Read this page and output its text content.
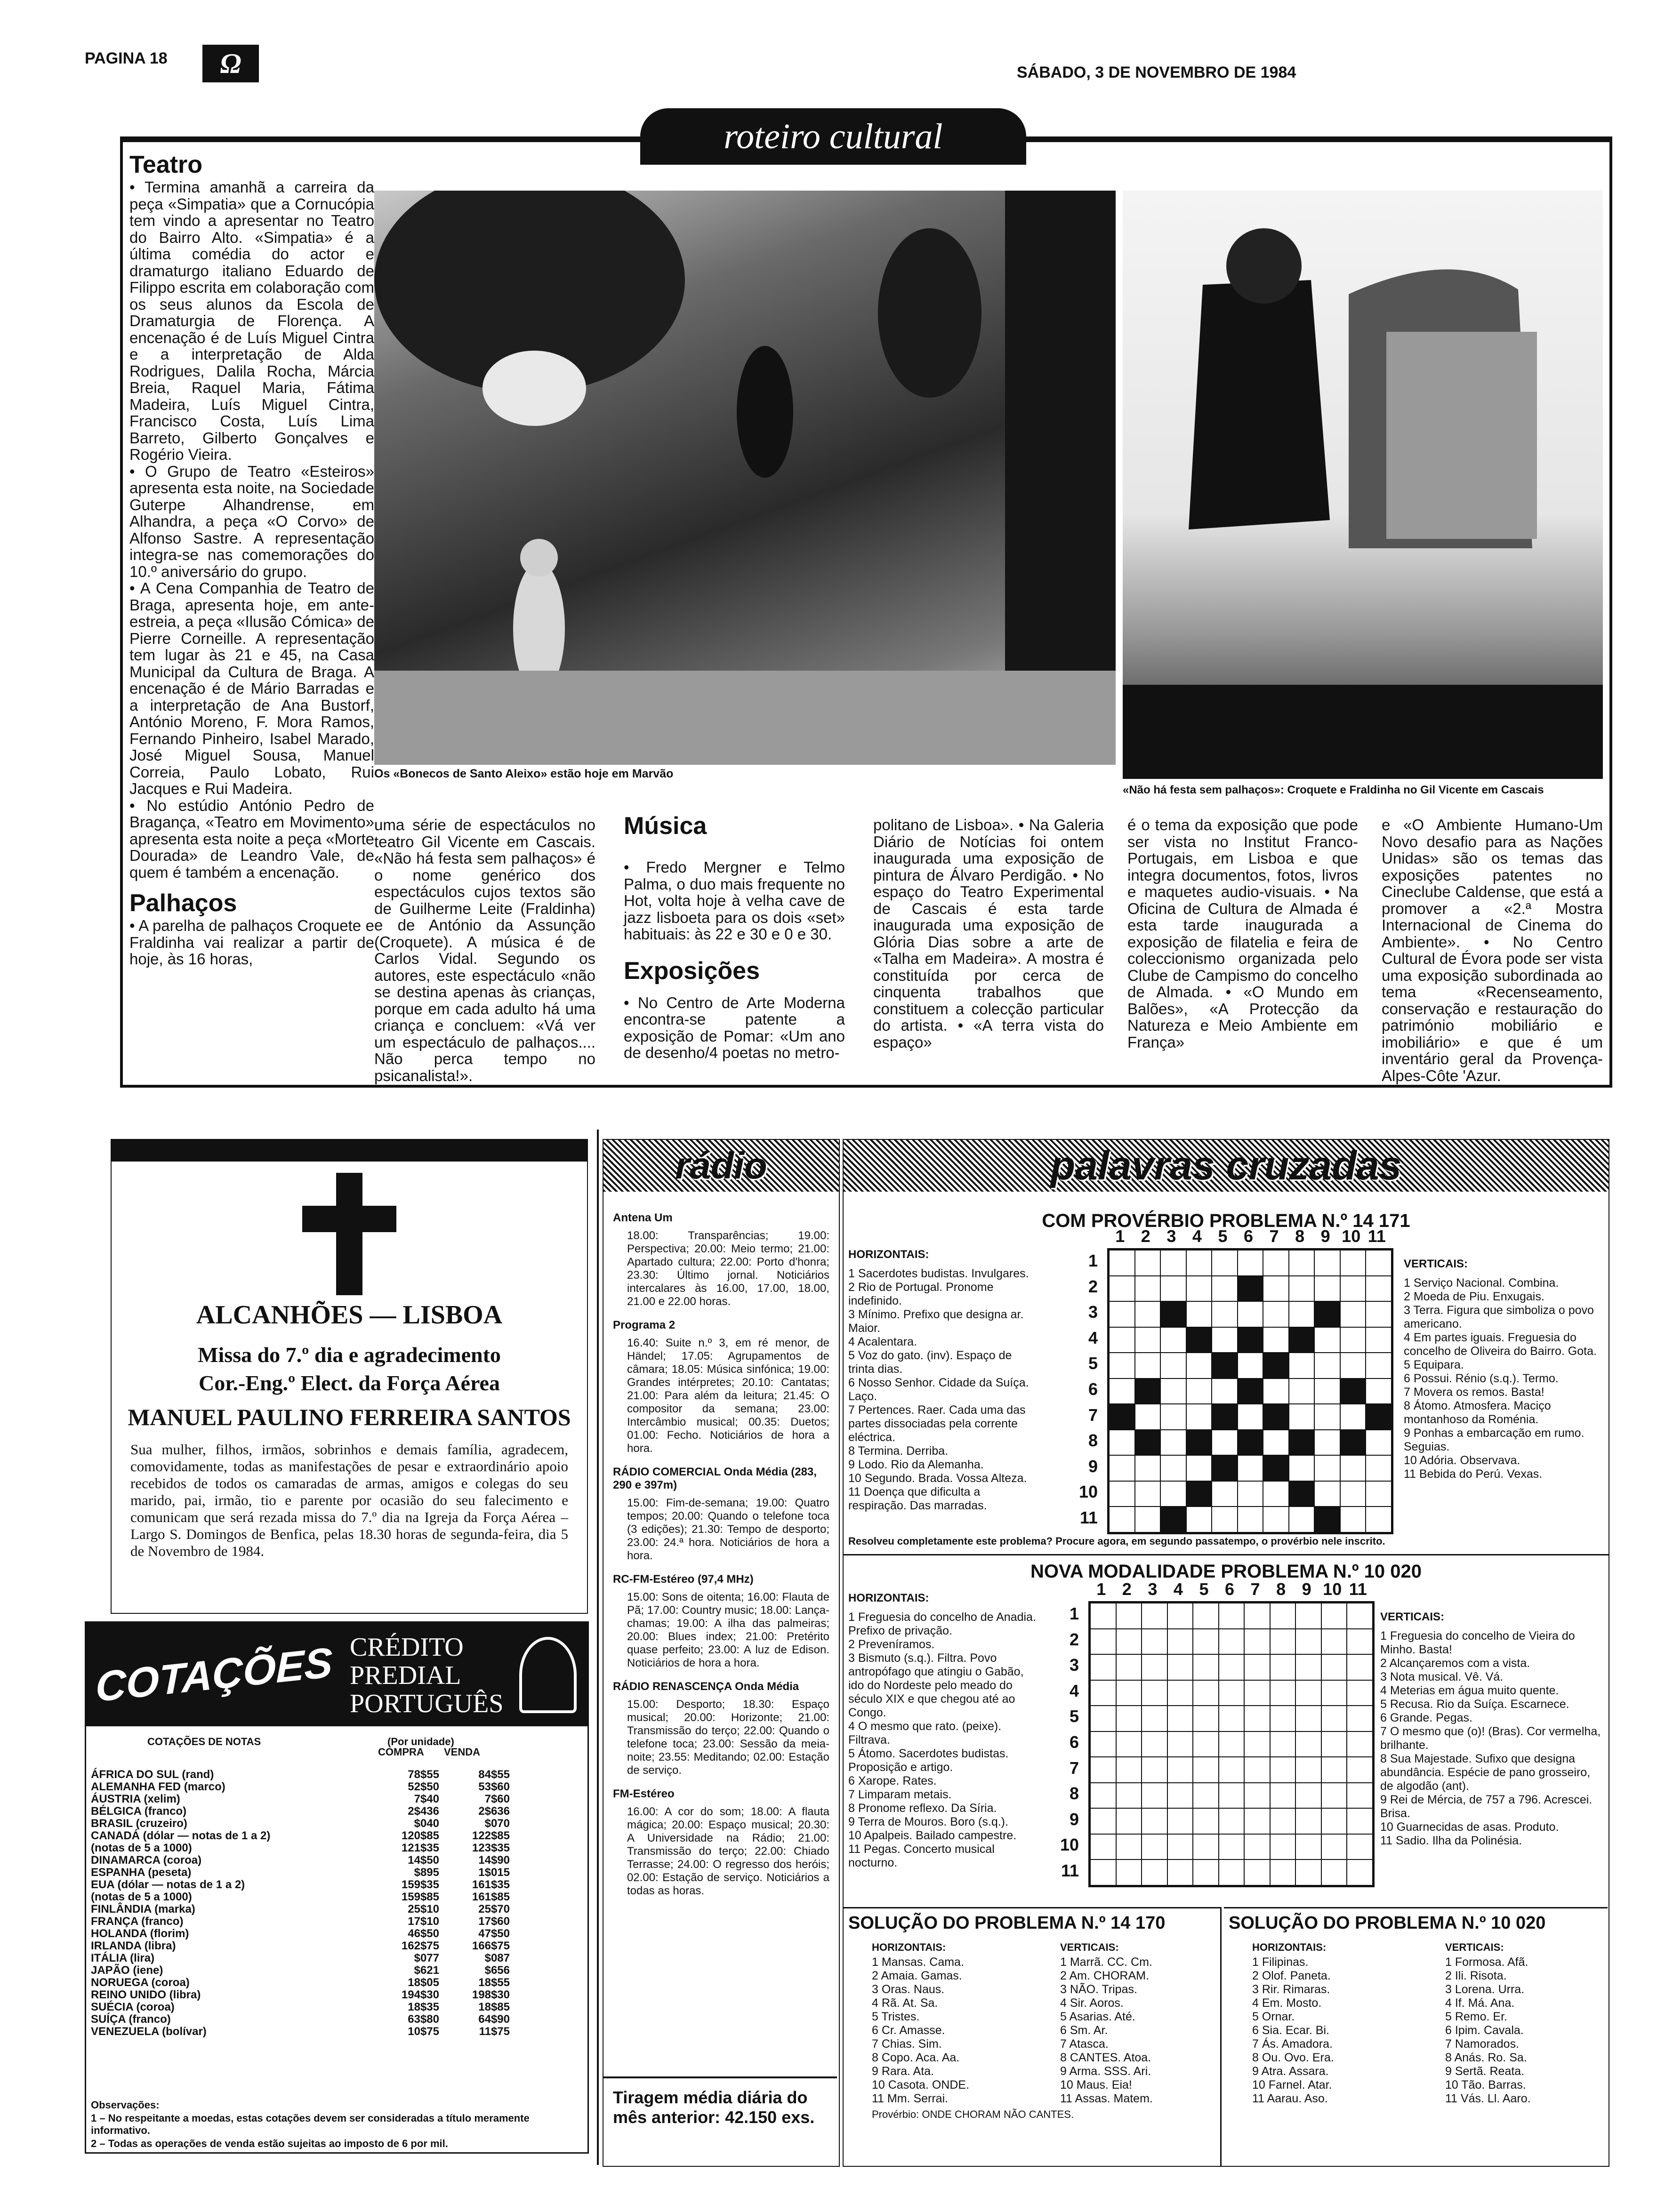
PAGINA 18	Ω	SÁBADO, 3 DE NOVEMBRO DE 1984
roteiro cultural
Teatro

• Termina amanhã a carreira da peça «Simpatia» que a Cornucópia tem vindo a apresentar no Teatro do Bairro Alto. «Simpatia» é a última comédia do actor e dramaturgo italiano Eduardo de Filippo escrita em colaboração com os seus alunos da Escola de Dramaturgia de Florença. A encenação é de Luís Miguel Cintra e a interpretação de Alda Rodrigues, Dalila Rocha, Márcia Breia, Raquel Maria, Fátima Madeira, Luís Miguel Cintra, Francisco Costa, Luís Lima Barreto, Gilberto Gonçalves e Rogério Vieira.

• O Grupo de Teatro «Esteiros» apresenta esta noite, na Sociedade Guterpe Alhandrense, em Alhandra, a peça «O Corvo» de Alfonso Sastre. A representação integra-se nas comemorações do 10.º aniversário do grupo.

• A Cena Companhia de Teatro de Braga, apresenta hoje, em ante-estreia, a peça «Ilusão Cómica» de Pierre Corneille. A representação tem lugar às 21 e 45, na Casa Municipal da Cultura de Braga. A encenação é de Mário Barradas e a interpretação de Ana Bustorf, António Moreno, F. Mora Ramos, Fernando Pinheiro, Isabel Marado, José Miguel Sousa, Manuel Correia, Paulo Lobato, Rui Jacques e Rui Madeira.

• No estúdio António Pedro de Bragança, «Teatro em Movimento» apresenta esta noite a peça «Morte Dourada» de Leandro Vale, de quem é também a encenação.

Palhaços
• A parelha de palhaços Croquete e Fraldinha vai realizar a partir de hoje, às 16 horas,
Os «Bonecos de Santo Aleixo» estão hoje em Marvão
«Não há festa sem palhaços»: Croquete e Fraldinha no Gil Vicente em Cascais
uma série de espectáculos no teatro Gil Vicente em Cascais. «Não há festa sem palhaços» é o nome genérico dos espectáculos cujos textos são de Guilherme Leite (Fraldinha) e de António da Assunção (Croquete). A música é de Carlos Vidal. Segundo os autores, este espectáculo «não se destina apenas às crianças, porque em cada adulto há uma criança e concluem: «Vá ver um espectáculo de palhaços.... Não perca tempo no psicanalista!».
Música
• Fredo Mergner e Telmo Palma, o duo mais frequente no Hot, volta hoje à velha cave de jazz lisboeta para os dois «set» habituais: às 22 e 30 e 0 e 30.
Exposições
• No Centro de Arte Moderna encontra-se patente a exposição de Pomar: «Um ano de desenho/4 poetas no metro-
politano de Lisboa». • Na Galeria Diário de Notícias foi ontem inaugurada uma exposição de pintura de Álvaro Perdigão. • No espaço do Teatro Experimental de Cascais é esta tarde inaugurada uma exposição de Glória Dias sobre a arte de «Talha em Madeira». A mostra é constituída por cerca de cinquenta trabalhos que constituem a colecção particular do artista. • «A terra vista do espaço»
é o tema da exposição que pode ser vista no Institut Franco-Portugais, em Lisboa e que integra documentos, fotos, livros e maquetes audio-visuais. • Na Oficina de Cultura de Almada é esta tarde inaugurada a exposição de filatelia e feira de coleccionismo organizada pelo Clube de Campismo do concelho de Almada. • «O Mundo em Balões», «A Protecção da Natureza e Meio Ambiente em França»
e «O Ambiente Humano-Um Novo desafio para as Nações Unidas» são os temas das exposições patentes no Cineclube Caldense, que está a promover a «2.ª Mostra Internacional de Cinema do Ambiente». • No Centro Cultural de Évora pode ser vista uma exposição subordinada ao tema «Recenseamento, conservação e restauração do património mobiliário e imobiliário» e que é um inventário geral da Provença-Alpes-Côte 'Azur.
ALCANHÕES — LISBOA
Missa do 7.º dia e agradecimento
Cor.-Eng.º Elect. da Força Aérea
MANUEL PAULINO FERREIRA SANTOS
Sua mulher, filhos, irmãos, sobrinhos e demais família, agradecem, comovidamente, todas as manifestações de pesar e extraordinário apoio recebidos de todos os camaradas de armas, amigos e colegas do seu marido, pai, irmão, tio e parente por ocasião do seu falecimento e comunicam que será rezada missa do 7.º dia na Igreja da Força Aérea – Largo S. Domingos de Benfica, pelas 18.30 horas de segunda-feira, dia 5 de Novembro de 1984.
COTAÇÕES CRÉDITO
PREDIAL
PORTUGUÊS
COTAÇÕES DE NOTAS	(Por unidade)
COMPRA VENDA
ÁFRICA DO SUL (rand)	78$55	84$55
ALEMANHA FED (marco)	52$50	53$60
ÁUSTRIA (xelim)	7$40	7$60
BÉLGICA (franco)	2$436	2$636
BRASIL (cruzeiro)	$040	$070
CANADÁ (dólar — notas de 1 a 2)	120$85	122$85
(notas de 5 a 1000)	121$35	123$35
DINAMARCA (coroa)	14$50	14$90
ESPANHA (peseta)	$895	1$015
EUA (dólar — notas de 1 a 2)	159$35	161$35
(notas de 5 a 1000)	159$85	161$85
FINLÂNDIA (marka)	25$10	25$70
FRANÇA (franco)	17$10	17$60
HOLANDA (florim)	46$50	47$50
IRLANDA (libra)	162$75	166$75
ITÁLIA (lira)	$077	$087
JAPÃO (iene)	$621	$656
NORUEGA (coroa)	18$05	18$55
REINO UNIDO (libra)	194$30	198$30
SUÉCIA (coroa)	18$35	18$85
SUÍÇA (franco)	63$80	64$90
VENEZUELA (bolívar)	10$75	11$75
Observações:
1 – No respeitante a moedas, estas cotações devem ser consideradas a título meramente informativo.
2 – Todas as operações de venda estão sujeitas ao imposto de 6 por mil.
rádio
Antena Um
18.00: Transparências; 19.00: Perspectiva; 20.00: Meio termo; 21.00: Apartado cultura; 22.00: Porto d'honra; 23.30: Último jornal. Noticiários intercalares às 16.00, 17.00, 18.00, 21.00 e 22.00 horas.
Programa 2
16.40: Suite n.º 3, em ré menor, de Händel; 17.05: Agrupamentos de câmara; 18.05: Música sinfónica; 19.00: Grandes intérpretes; 20.10: Cantatas; 21.00: Para além da leitura; 21.45: O compositor da semana; 23.00: Intercâmbio musical; 00.35: Duetos; 01.00: Fecho. Noticiários de hora a hora.
RÁDIO COMERCIAL Onda Média (283, 290 e 397m)
15.00: Fim-de-semana; 19.00: Quatro tempos; 20.00: Quando o telefone toca (3 edições); 21.30: Tempo de desporto; 23.00: 24.ª hora. Noticiários de hora a hora.
RC-FM-Estéreo (97,4 MHz)
15.00: Sons de oitenta; 16.00: Flauta de Pã; 17.00: Country music; 18.00: Lança-chamas; 19.00: A ilha das palmeiras; 20.00: Blues index; 21.00: Pretérito quase perfeito; 23.00: A luz de Edison. Noticiários de hora a hora.
RÁDIO RENASCENÇA Onda Média
15.00: Desporto; 18.30: Espaço musical; 20.00: Horizonte; 21.00: Transmissão do terço; 22.00: Quando o telefone toca; 23.00: Sessão da meia-noite; 23.55: Meditando; 02.00: Estação de serviço.
FM-Estéreo
16.00: A cor do som; 18.00: A flauta mágica; 20.00: Espaço musical; 20.30: A Universidade na Rádio; 21.00: Transmissão do terço; 22.00: Chiado Terrasse; 24.00: O regresso dos heróis; 02.00: Estação de serviço. Noticiários a todas as horas.
Tiragem média diária do mês anterior: 42.150 exs.
palavras cruzadas
COM PROVÉRBIO PROBLEMA N.º 14 171
HORIZONTAIS:
1 Sacerdotes budistas. Invulgares.
2 Rio de Portugal. Pronome indefinido.
3 Mínimo. Prefixo que designa ar. Maior.
4 Acalentara.
5 Voz do gato. (inv). Espaço de trinta dias.
6 Nosso Senhor. Cidade da Suíça. Laço.
7 Pertences. Raer. Cada uma das partes dissociadas pela corrente eléctrica.
8 Termina. Derriba.
9 Lodo. Rio da Alemanha.
10 Segundo. Brada. Vossa Alteza.
11 Doença que dificulta a respiração. Das marradas.
1 2 3 4 5 6 7 8 9 10 11
1
2
3
4
5
6
7
8
9
10
11
VERTICAIS:
1 Serviço Nacional. Combina.
2 Moeda de Piu. Enxugais.
3 Terra. Figura que simboliza o povo americano.
4 Em partes iguais. Freguesia do concelho de Oliveira do Bairro. Gota.
5 Equipara.
6 Possui. Rénio (s.q.). Termo.
7 Movera os remos. Basta!
8 Átomo. Atmosfera. Maciço montanhoso da Roménia.
9 Ponhas a embarcação em rumo. Seguias.
10 Adória. Observava.
11 Bebida do Perú. Vexas.
Resolveu completamente este problema? Procure agora, em segundo passatempo, o provérbio nele inscrito.
NOVA MODALIDADE PROBLEMA N.º 10 020
HORIZONTAIS:
1 Freguesia do concelho de Anadia. Prefixo de privação.
2 Preveníramos.
3 Bismuto (s.q.). Filtra. Povo antropófago que atingiu o Gabão, ido do Nordeste pelo meado do século XIX e que chegou até ao Congo.
4 O mesmo que rato. (peixe). Filtrava.
5 Átomo. Sacerdotes budistas. Proposição e artigo.
6 Xarope. Rates.
7 Limparam metais.
8 Pronome reflexo. Da Síria.
9 Terra de Mouros. Boro (s.q.).
10 Apalpeis. Bailado campestre.
11 Pegas. Concerto musical nocturno.
1 2 3 4 5 6 7 8 9 10 11
1
2
3
4
5
6
7
8
9
10
11
VERTICAIS:
1 Freguesia do concelho de Vieira do Minho. Basta!
2 Alcançaremos com a vista.
3 Nota musical. Vê. Vá.
4 Meterias em água muito quente.
5 Recusa. Rio da Suíça. Escarnece.
6 Grande. Pegas.
7 O mesmo que (o)! (Bras). Cor vermelha, brilhante.
8 Sua Majestade. Sufixo que designa abundância. Espécie de pano grosseiro, de algodão (ant).
9 Rei de Mércia, de 757 a 796. Acrescei. Brisa.
10 Guarnecidas de asas. Produto.
11 Sadio. Ilha da Polinésia.
SOLUÇÃO DO PROBLEMA N.º 14 170
HORIZONTAIS:
1 Mansas. Cama.
2 Amaia. Gamas.
3 Oras. Naus.
4 Rã. At. Sa.
5 Tristes.
6 Cr. Amasse.
7 Chias. Sim.
8 Copo. Aca. Aa.
9 Rara. Ata.
10 Casota. ONDE.
11 Mm. Serrai.
VERTICAIS:
1 Marrã. CC. Cm.
2 Am. CHORAM.
3 NÃO. Tripas.
4 Sir. Aoros.
5 Asarias. Até.
6 Sm. Ar.
7 Atasca.
8 CANTES. Atoa.
9 Arma. SSS. Ari.
10 Maus. Eia!
11 Assas. Matem.
Provérbio: ONDE CHORAM NÃO CANTES.
SOLUÇÃO DO PROBLEMA N.º 10 020
HORIZONTAIS:
1 Filipinas.
2 Olof. Paneta.
3 Rir. Rimaras.
4 Em. Mosto.
5 Ornar.
6 Sia. Ecar. Bi.
7 Ás. Amadora.
8 Ou. Ovo. Era.
9 Atra. Assara.
10 Farnel. Atar.
11 Aarau. Aso.
VERTICAIS:
1 Formosa. Afã.
2 Ili. Risota.
3 Lorena. Urra.
4 If. Má. Ana.
5 Remo. Er.
6 Ipim. Cavala.
7 Namorados.
8 Anás. Ro. Sa.
9 Sertã. Reata.
10 Tão. Barras.
11 Vás. Ll. Aaro.
